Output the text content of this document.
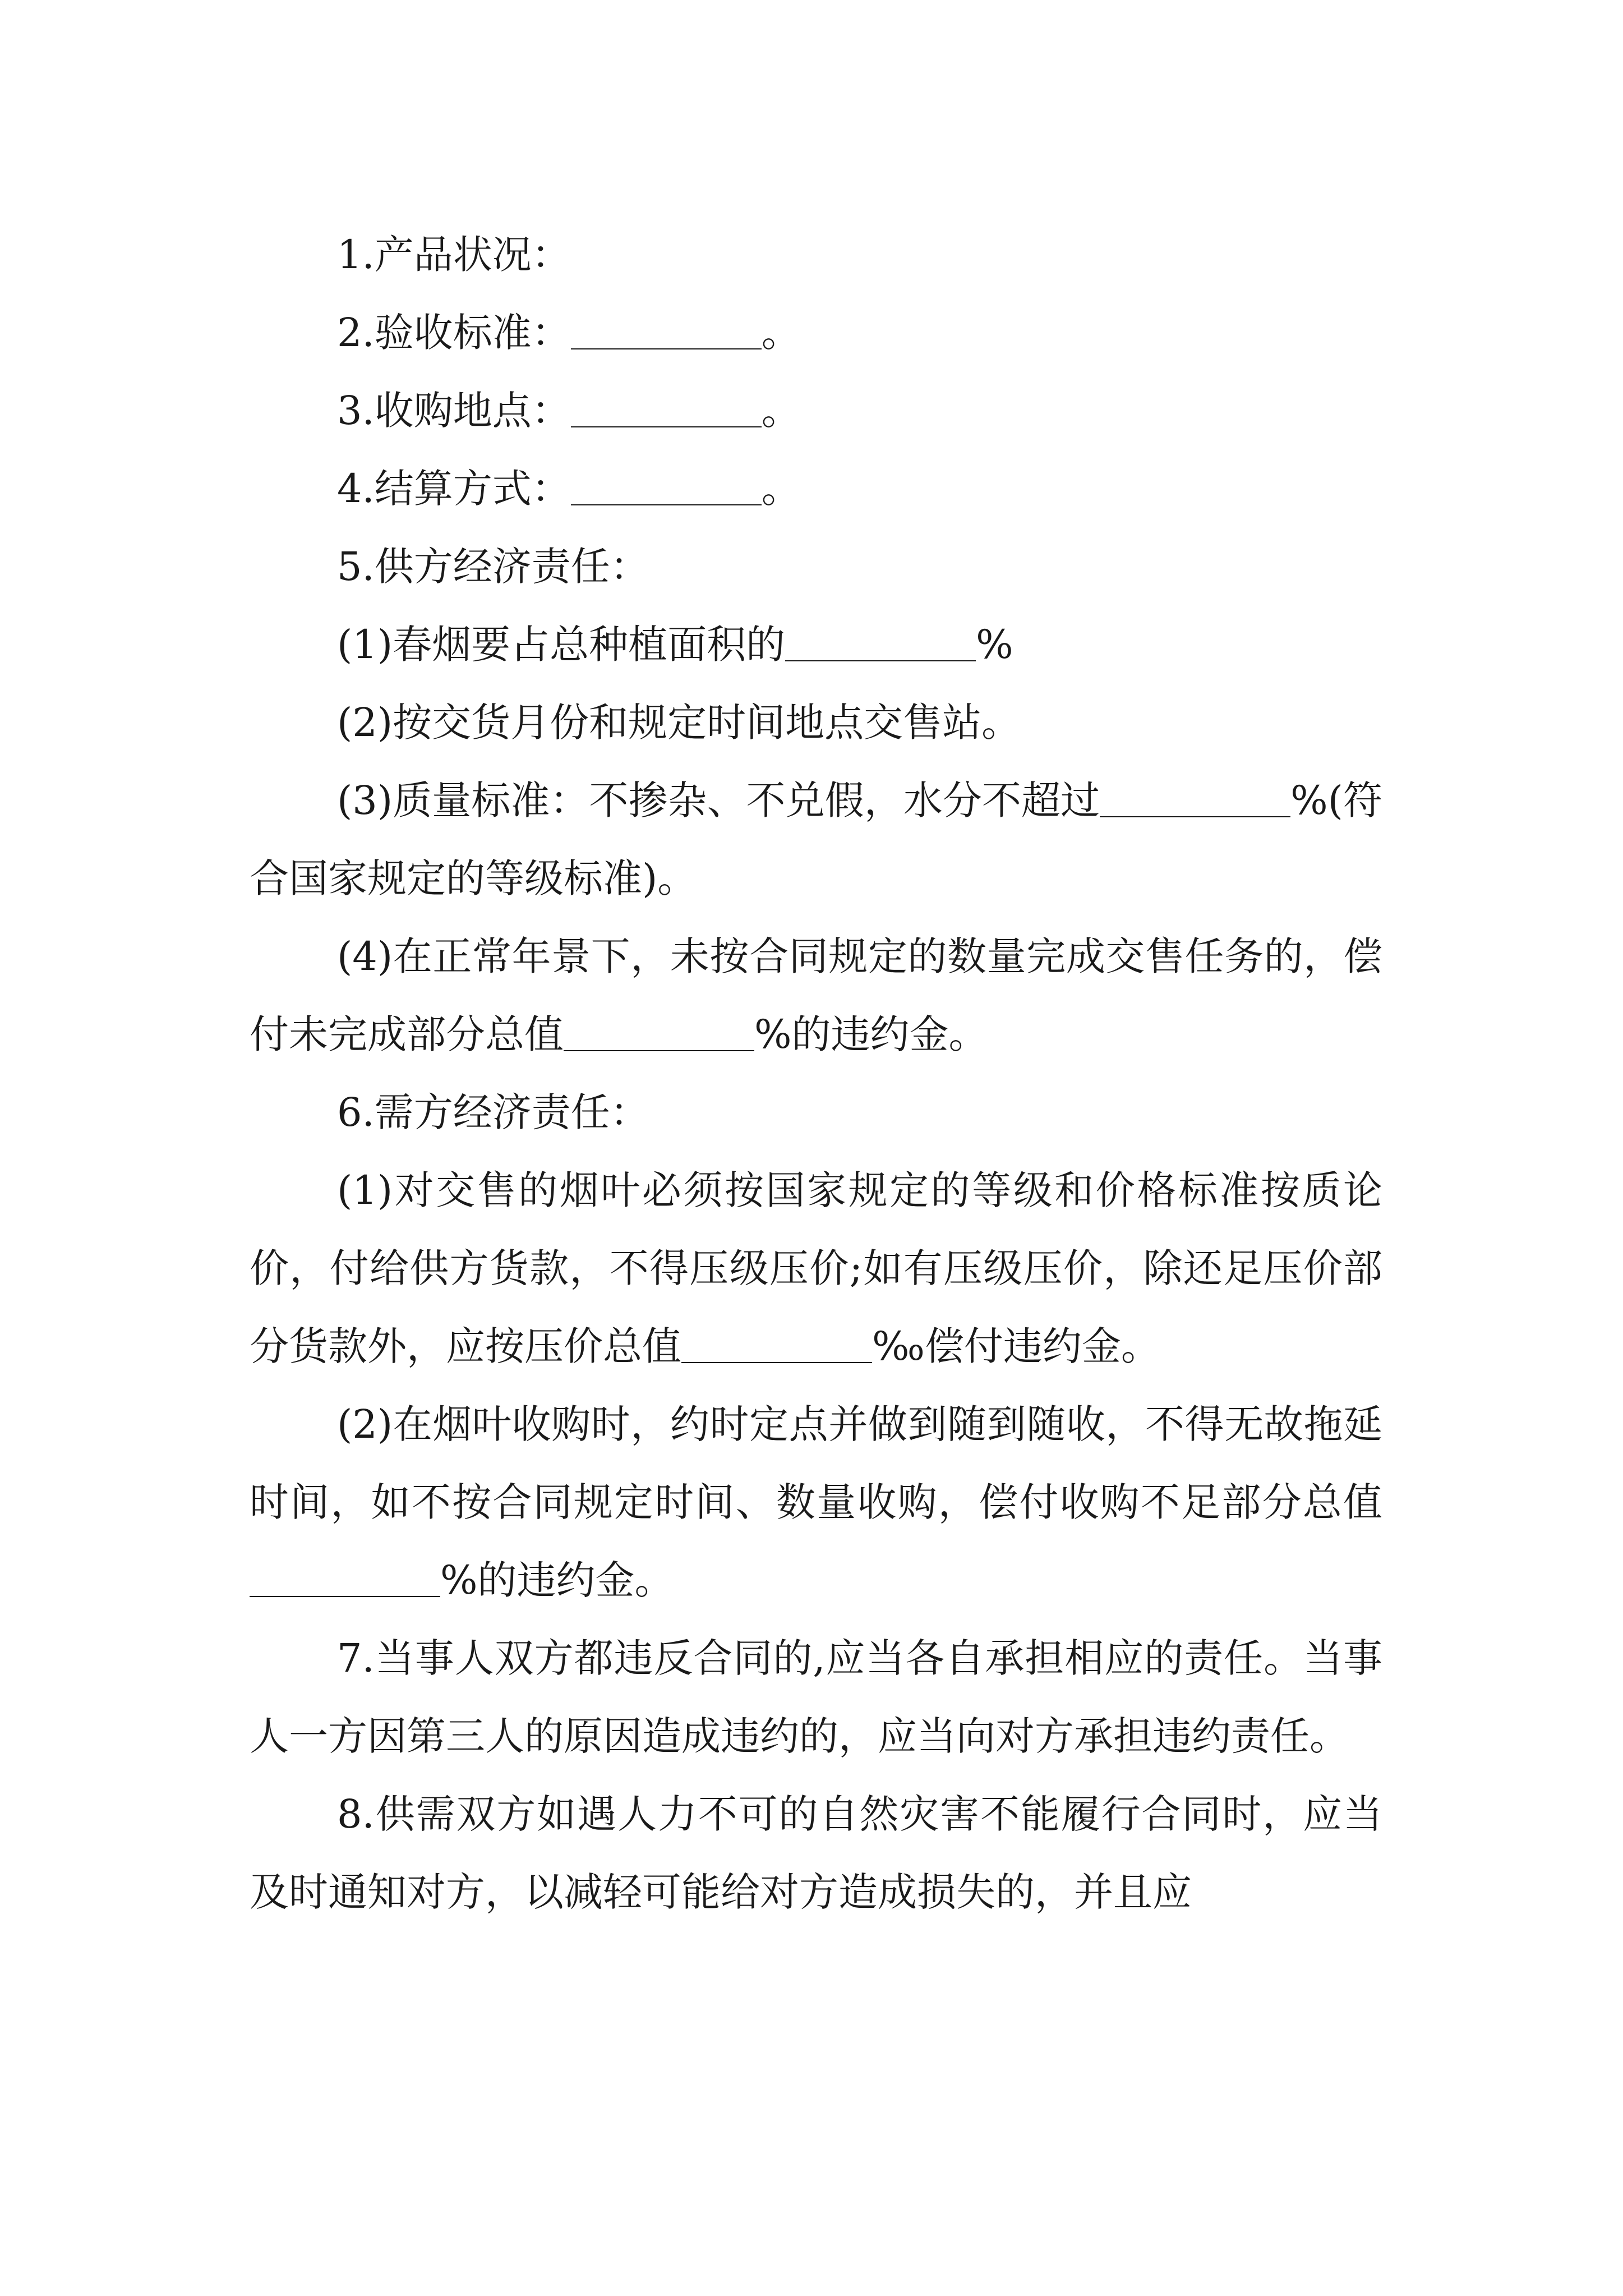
1.产品状况：

2.验收标准：	。

3.收购地点：	。

4.结算方式：	。

5.供方经济责任：

(1)春烟要占总种植面积的	%

(2)按交货月份和规定时间地点交售站。

(3)质量标准：不掺杂、不兑假，水分不超过	%(符合国家规定的等级标准)。

(4)在正常年景下，未按合同规定的数量完成交售任务的，偿付未完成部分总值	%的违约金。

6.需方经济责任：

(1)对交售的烟叶必须按国家规定的等级和价格标准按质论价，付给供方货款，不得压级压价;如有压级压价，除还足压价部分货款外，应按压价总值	‰偿付违约金。

(2)在烟叶收购时，约时定点并做到随到随收，不得无故拖延时间，如不按合同规定时间、数量收购，偿付收购不足部分总值%的违约金。

7.当事人双方都违反合同的,应当各自承担相应的责任。当事人一方因第三人的原因造成违约的，应当向对方承担违约责任。

8.供需双方如遇人力不可的自然灾害不能履行合同时，应当及时通知对方，以减轻可能给对方造成损失的，并且应
